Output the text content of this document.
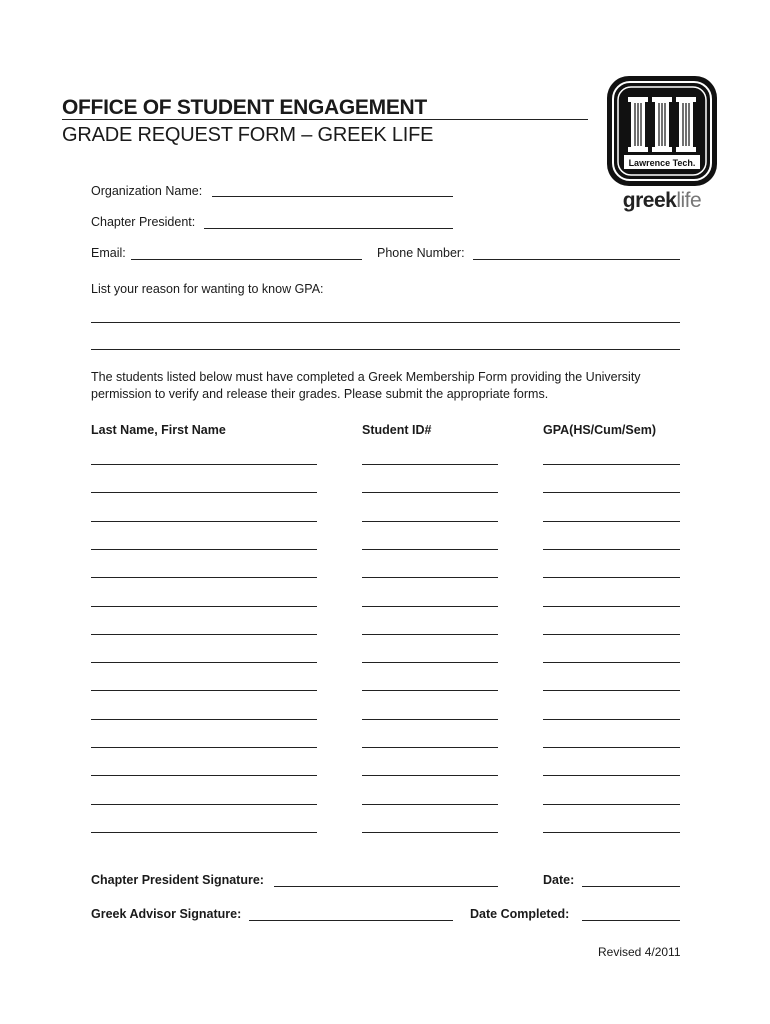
OFFICE OF STUDENT ENGAGEMENT
GRADE REQUEST FORM – GREEK LIFE
Lawrence Tech.
greeklife
Organization Name:
Chapter President:
Email:	Phone Number:
List your reason for wanting to know GPA:
The students listed below must have completed a Greek Membership Form providing the University permission to verify and release their grades. Please submit the appropriate forms.
Last Name, First Name	Student ID#	GPA(HS/Cum/Sem)
Chapter President Signature:	Date:
Greek Advisor Signature:	Date Completed:
Revised 4/2011
